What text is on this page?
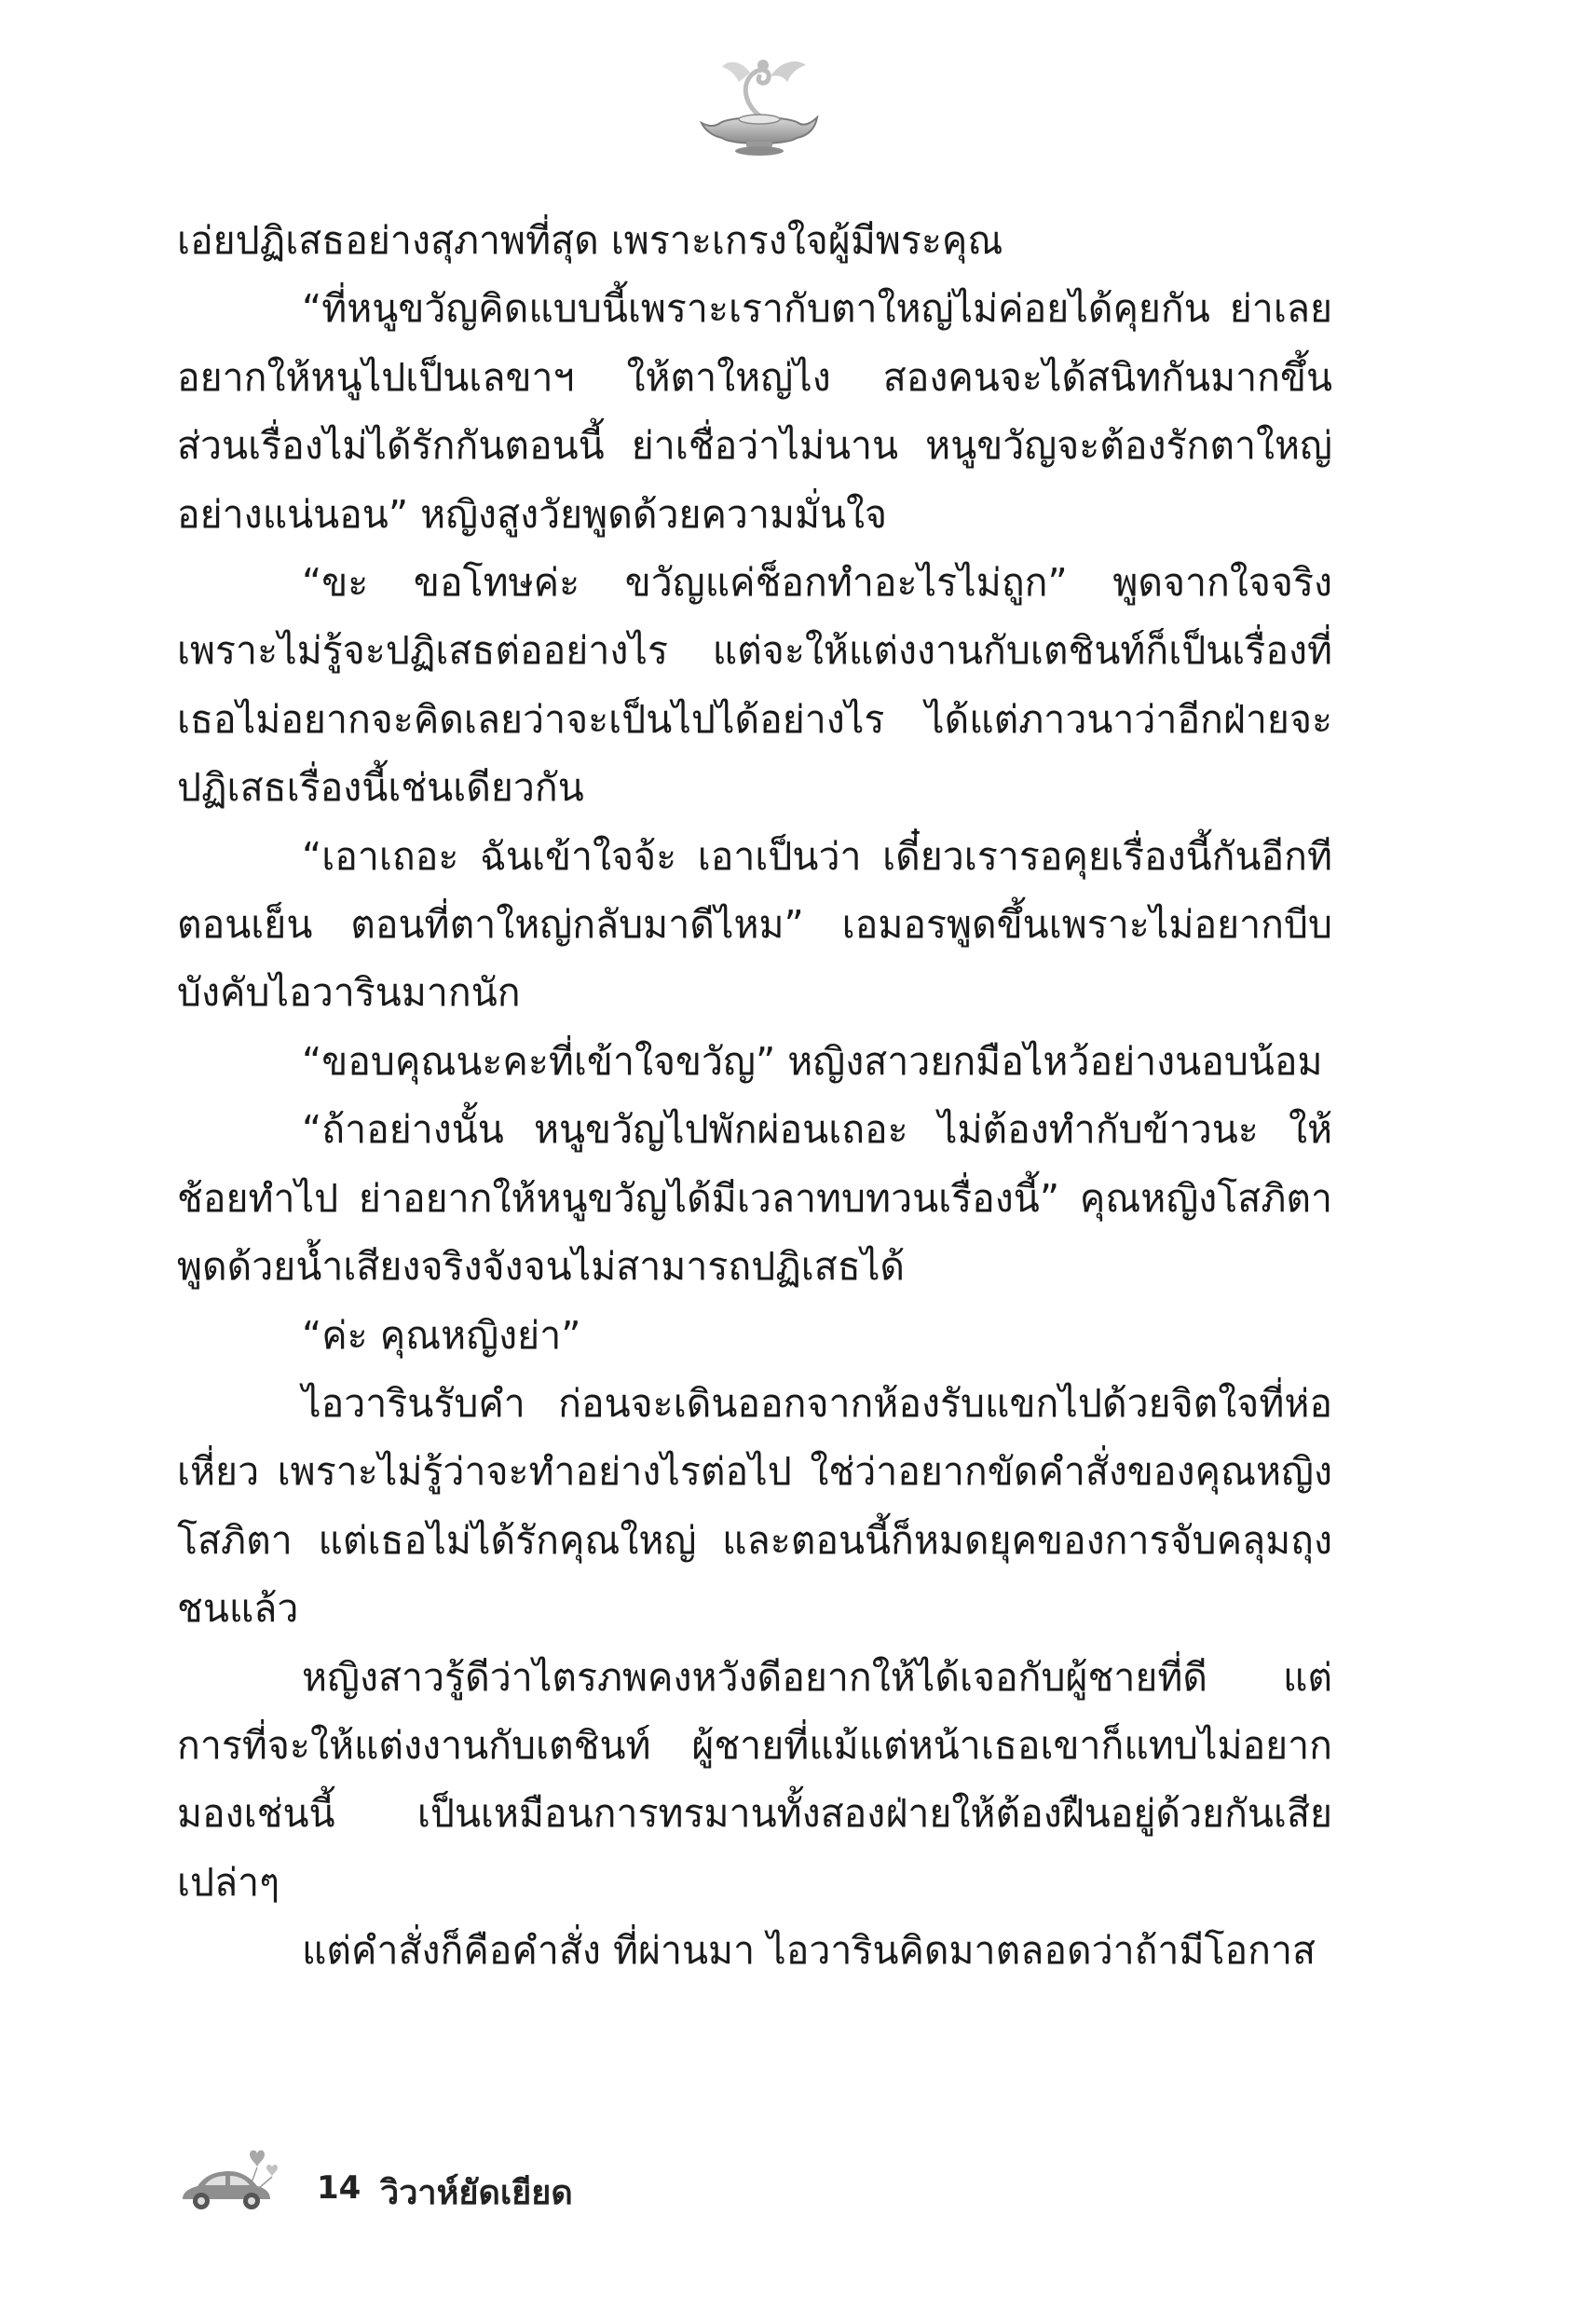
เอ่ยปฏิเสธอย่างสุภาพที่สุด เพราะเกรงใจผู้มีพระคุณ

“ที่หนูขวัญคิดแบบนี้เพราะเรากับตาใหญ่ไม่ค่อยได้คุยกัน ย่าเลยอยากให้หนูไปเป็นเลขาฯ ให้ตาใหญ่ไง สองคนจะได้สนิทกันมากขึ้น ส่วนเรื่องไม่ได้รักกันตอนนี้ ย่าเชื่อว่าไม่นาน หนูขวัญจะต้องรักตาใหญ่อย่างแน่นอน” หญิงสูงวัยพูดด้วยความมั่นใจ

“ขะ ขอโทษค่ะ ขวัญแค่ช็อกทำอะไรไม่ถูก” พูดจากใจจริง เพราะไม่รู้จะปฏิเสธต่ออย่างไร แต่จะให้แต่งงานกับเตชินท์ก็เป็นเรื่องที่เธอไม่อยากจะคิดเลยว่าจะเป็นไปได้อย่างไร ได้แต่ภาวนาว่าอีกฝ่ายจะปฏิเสธเรื่องนี้เช่นเดียวกัน

“เอาเถอะ ฉันเข้าใจจ้ะ เอาเป็นว่า เดี๋ยวเรารอคุยเรื่องนี้กันอีกทีตอนเย็น ตอนที่ตาใหญ่กลับมาดีไหม” เอมอรพูดขึ้นเพราะไม่อยากบีบบังคับไอวารินมากนัก

“ขอบคุณนะคะที่เข้าใจขวัญ” หญิงสาวยกมือไหว้อย่างนอบน้อม

“ถ้าอย่างนั้น หนูขวัญไปพักผ่อนเถอะ ไม่ต้องทำกับข้าวนะ ให้ช้อยทำไป ย่าอยากให้หนูขวัญได้มีเวลาทบทวนเรื่องนี้” คุณหญิงโสภิตาพูดด้วยน้ำเสียงจริงจังจนไม่สามารถปฏิเสธได้

“ค่ะ คุณหญิงย่า”

ไอวารินรับคำ ก่อนจะเดินออกจากห้องรับแขกไปด้วยจิตใจที่ห่อเหี่ยว เพราะไม่รู้ว่าจะทำอย่างไรต่อไป ใช่ว่าอยากขัดคำสั่งของคุณหญิงโสภิตา แต่เธอไม่ได้รักคุณใหญ่ และตอนนี้ก็หมดยุคของการจับคลุมถุงชนแล้ว

หญิงสาวรู้ดีว่าไตรภพคงหวังดีอยากให้ได้เจอกับผู้ชายที่ดี แต่การที่จะให้แต่งงานกับเตชินท์ ผู้ชายที่แม้แต่หน้าเธอเขาก็แทบไม่อยากมองเช่นนี้ เป็นเหมือนการทรมานทั้งสองฝ่ายให้ต้องฝืนอยู่ด้วยกันเสียเปล่าๆ

แต่คำสั่งก็คือคำสั่ง ที่ผ่านมา ไอวารินคิดมาตลอดว่าถ้ามีโอกาส

14 วิวาห์ยัดเยียด
